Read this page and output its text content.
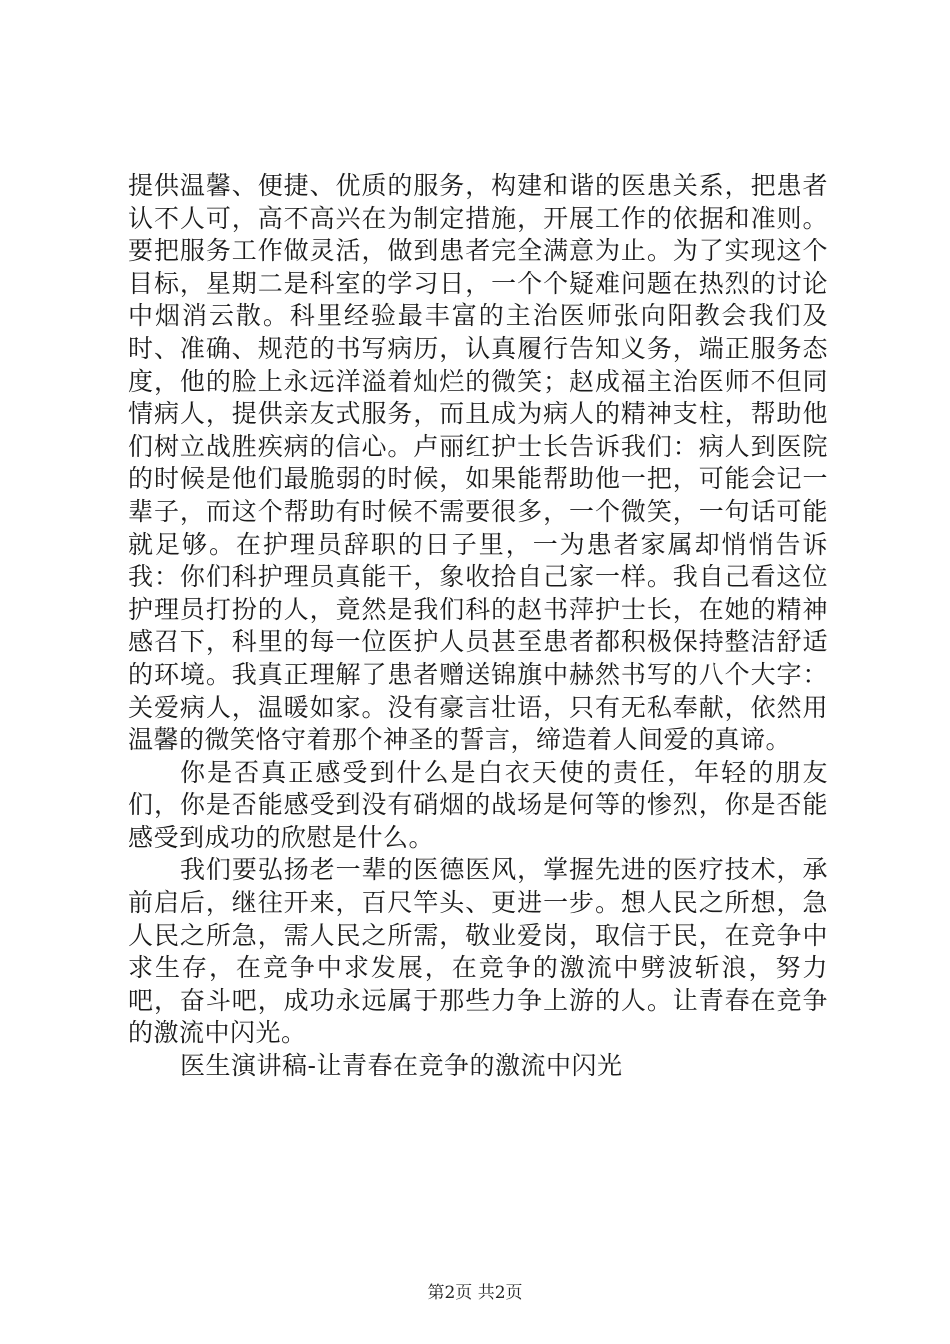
提供温馨、便捷、优质的服务，构建和谐的医患关系，把患者认不人可，高不高兴在为制定措施，开展工作的依据和准则。要把服务工作做灵活，做到患者完全满意为止。为了实现这个目标，星期二是科室的学习日，一个个疑难问题在热烈的讨论中烟消云散。科里经验最丰富的主治医师张向阳教会我们及时、准确、规范的书写病历，认真履行告知义务，端正服务态度，他的脸上永远洋溢着灿烂的微笑；赵成福主治医师不但同情病人，提供亲友式服务，而且成为病人的精神支柱，帮助他们树立战胜疾病的信心。卢丽红护士长告诉我们：病人到医院的时候是他们最脆弱的时候，如果能帮助他一把，可能会记一辈子，而这个帮助有时候不需要很多，一个微笑，一句话可能就足够。在护理员辞职的日子里，一为患者家属却悄悄告诉我：你们科护理员真能干，象收拾自己家一样。我自己看这位护理员打扮的人，竟然是我们科的赵书萍护士长，在她的精神感召下，科里的每一位医护人员甚至患者都积极保持整洁舒适的环境。我真正理解了患者赠送锦旗中赫然书写的八个大字：关爱病人，温暖如家。没有豪言壮语，只有无私奉献，依然用温馨的微笑恪守着那个神圣的誓言，缔造着人间爱的真谛。

你是否真正感受到什么是白衣天使的责任，年轻的朋友们，你是否能感受到没有硝烟的战场是何等的惨烈，你是否能感受到成功的欣慰是什么。

我们要弘扬老一辈的医德医风，掌握先进的医疗技术，承前启后，继往开来，百尺竿头、更进一步。想人民之所想，急人民之所急，需人民之所需，敬业爱岗，取信于民，在竞争中求生存，在竞争中求发展，在竞争的激流中劈波斩浪，努力吧，奋斗吧，成功永远属于那些力争上游的人。让青春在竞争的激流中闪光。

医生演讲稿-让青春在竞争的激流中闪光

第2页 共2页
